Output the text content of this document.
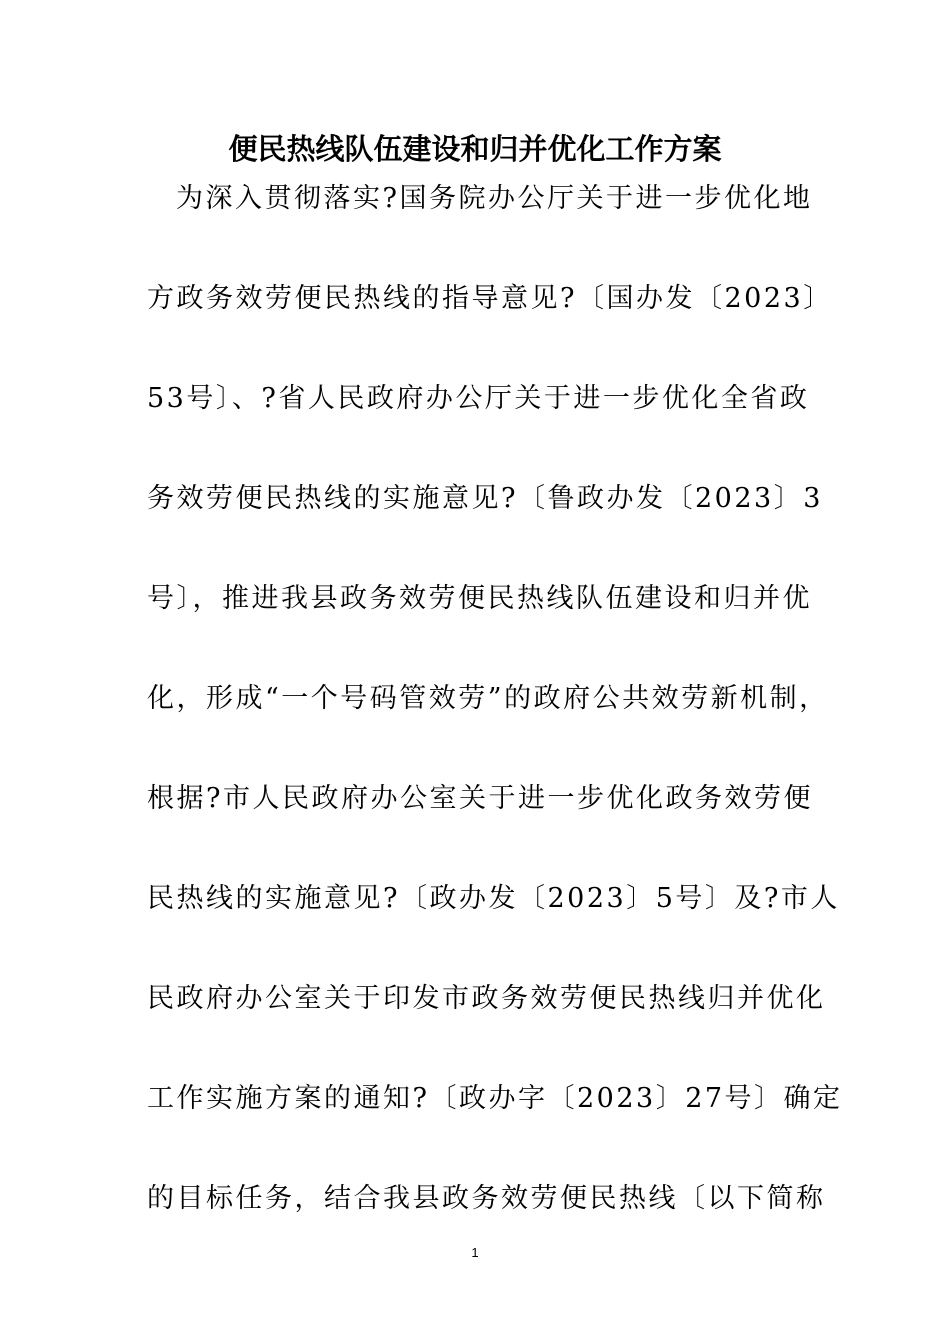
便民热线队伍建设和归并优化工作方案
为深入贯彻落实?国务院办公厅关于进一步优化地
方政务效劳便民热线的指导意见?〔国办发〔2023〕
53号〕、?省人民政府办公厅关于进一步优化全省政
务效劳便民热线的实施意见?〔鲁政办发〔2023〕3
号〕，推进我县政务效劳便民热线队伍建设和归并优
化，形成“一个号码管效劳”的政府公共效劳新机制，
根据?市人民政府办公室关于进一步优化政务效劳便
民热线的实施意见?〔政办发〔2023〕5号〕及?市人
民政府办公室关于印发市政务效劳便民热线归并优化
工作实施方案的通知?〔政办字〔2023〕27号〕确定
的目标任务，结合我县政务效劳便民热线〔以下简称
1
